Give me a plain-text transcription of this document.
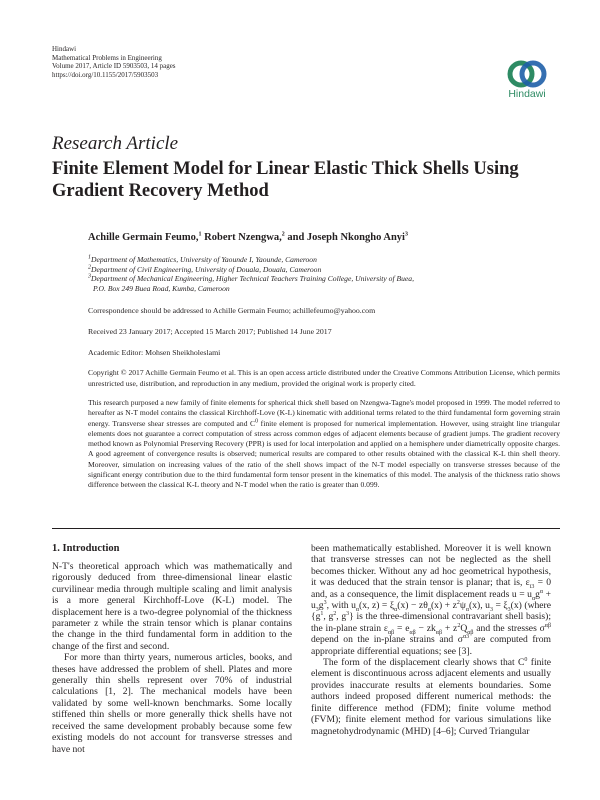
Hindawi
Mathematical Problems in Engineering
Volume 2017, Article ID 5903503, 14 pages
https://doi.org/10.1155/2017/5903503
Hindawi
Research Article
Finite Element Model for Linear Elastic Thick Shells Using
Gradient Recovery Method
Achille Germain Feumo,$^1$ Robert Nzengwa,$^2$ and Joseph Nkongho Anyi$^3$
$^1$Department of Mathematics, University of Yaounde I, Yaounde, Cameroon
$^2$Department of Civil Engineering, University of Douala, Douala, Cameroon
$^3$Department of Mechanical Engineering, Higher Technical Teachers Training College, University of Buea,
P.O. Box 249 Buea Road, Kumba, Cameroon
Correspondence should be addressed to Achille Germain Feumo; achillefeumo@yahoo.com
Received 23 January 2017; Accepted 15 March 2017; Published 14 June 2017
Academic Editor: Mohsen Sheikholeslami
Copyright © 2017 Achille Germain Feumo et al. This is an open access article distributed under the Creative Commons Attribution License, which permits unrestricted use, distribution, and reproduction in any medium, provided the original work is properly cited.
This research purposed a new family of finite elements for spherical thick shell based on Nzengwa-Tagne's model proposed in 1999. The model referred to hereafter as N-T model contains the classical Kirchhoff-Love (K-L) kinematic with additional terms related to the third fundamental form governing strain energy. Transverse shear stresses are computed and $C^0$ finite element is proposed for numerical implementation. However, using straight line triangular elements does not guarantee a correct computation of stress across common edges of adjacent elements because of gradient jumps. The gradient recovery method known as Polynomial Preserving Recovery (PPR) is used for local interpolation and applied on a hemisphere under diametrically opposite charges. A good agreement of convergence results is observed; numerical results are compared to other results obtained with the classical K-L thin shell theory. Moreover, simulation on increasing values of the ratio of the shell shows impact of the N-T model especially on transverse stresses because of the significant energy contribution due to the third fundamental form tensor present in the kinematics of this model. The analysis of the thickness ratio shows difference between the classical K-L theory and N-T model when the ratio is greater than 0.099.
1. Introduction

N-T's theoretical approach which was mathematically and rigorously deduced from three-dimensional linear elastic curvilinear media through multiple scaling and limit analysis is a more general Kirchhoff-Love (K-L) model. The displacement here is a two-degree polynomial of the thickness parameter z while the strain tensor which is planar contains the change in the third fundamental form in addition to the change of the first and second.

For more than thirty years, numerous articles, books, and theses have addressed the problem of shell. Plates and more generally thin shells represent over 70% of industrial calculations [1, 2]. The mechanical models have been validated by some well-known benchmarks. Some locally stiffened thin shells or more generally thick shells have not received the same development probably because some few existing models do not account for transverse stresses and have not

been mathematically established. Moreover it is well known that transverse stresses can not be neglected as the shell becomes thicker. Without any ad hoc geometrical hypothesis, it was deduced that the strain tensor is planar; that is, $\varepsilon_{i3} = 0$ and, as a consequence, the limit displacement reads $u = u_\alpha g^\alpha + u_3g^3$, with $u_\alpha(x$, $z) = \xi_\alpha(x) - z\theta_\alpha(x) + z^2\psi_\alpha(x)$, $u_3 = \xi_3(x)$ (where {$g^1$, $g^2$, $g^3$} is the three-dimensional contravariant shell basis); the in-plane strain $\varepsilon_{\alpha\beta} = e_{\alpha\beta} - zk_{\alpha\beta} + z^2Q_{\alpha\beta}$ and the stresses $\sigma^{\alpha\beta}$ depend on the in-plane strains and $\sigma^{\alpha 3}$ are computed from appropriate differential equations; see [3].

The form of the displacement clearly shows that $C^0$ finite element is discontinuous across adjacent elements and usually provides inaccurate results at elements boundaries. Some authors indeed proposed different numerical methods: the finite difference method (FDM); finite volume method (FVM); finite element method for various simulations like magnetohydrodynamic (MHD) [4–6]; Curved Triangular
